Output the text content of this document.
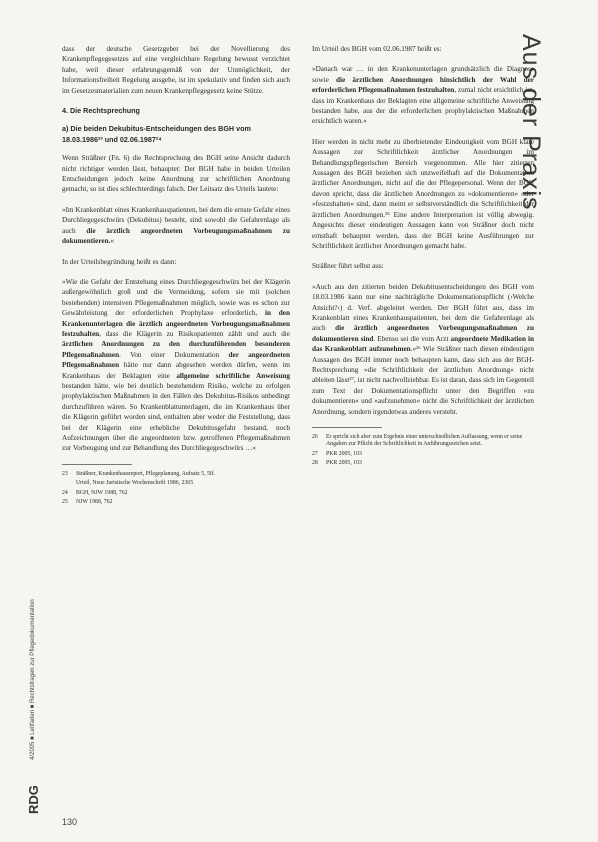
Aus der Praxis
4/2005 ■ Leitfaden ■ Rechtsfragen zur Pflegedokumentation
RDG
130

dass der deutsche Gesetzgeber bei der Novellierung des Krankenpflegegesetzes auf eine vergleichbare Regelung bewusst verzichtet habe, weil dieser erfahrungsgemäß von der Unmöglichkeit, der Informationsfreiheit Regelung ausgehe, ist im spekulativ und finden sich auch im Gesetzesmaterialien zum neuen Krankenpflegegesetz keine Stütze.

4. Die Rechtsprechung
a) Die beiden Dekubitus-Entscheidungen des BGH vom 18.03.1986²³ und 02.06.1987²⁴

Wenn Sträßner (Fn. 6) die Rechtsprechung des BGH seine Ansicht dadurch nicht richtiger werden lässt, behauptet: Der BGH habe in beiden Urteilen Entscheidungen jedoch keine Anordnung zur schriftlichen Anordnung gemacht, so ist dies schlechterdings falsch. Der Leitsatz des Urteils lautete:

»Im Krankenblatt eines Krankenhauspatienten, bei dem die ernste Gefahr eines Durchliegegeschwürs (Dekubitus) besteht, sind sowohl die Gefahrenlage als auch die ärztlich angeordneten Vorbeugungsmaßnahmen zu dokumentieren.«

In der Urteilsbegründung heißt es dann:

»Wie die Gefahr der Entstehung eines Durchliegegeschwürs bei der Klägerin außergewöhnlich groß und die Vermeidung, sofern sie mit (solchen bestehenden) intensiven Pflegemaßnahmen möglich, sowie was es schon zur Gewährleistung der erforderlichen Prophylaxe erforderlich, in den Krankenunterlagen die ärztlich angeordneten Vorbeugungsmaßnahmen festzuhalten, dass die Klägerin zu Risikopatienten zählt und auch die ärztlichen Anordnungen zu den durchzuführenden besonderen Pflegemaßnahmen. Von einer Dokumentation der angeordneten Pflegemaßnahmen hätte nur dann abgesehen werden dürfen, wenn im Krankenhaus der Beklagten eine allgemeine schriftliche Anweisung bestanden hätte, wie bei deutlich bestehendem Risiko, welche zu erfolgen prophylaktischen Maßnahmen in den Fällen des Dekubitus-Risikos unbedingt durchzuführen wären. So Krankenblattunterlagen, die im Krankenhaus über die Klägerin geführt worden sind, enthalten aber weder die Feststellung, dass bei der Klägerin eine erhebliche Dekubitusgefahr bestand, noch Aufzeichnungen über die angeordneten bzw. getroffenen Pflegemaßnahmen zur Vorbeugung und zur Behandlung des Durchliegegeschwürs …«

23	Sträßner, Krankenhausreport, Pflegeplanung, Aufsatz 5, 5ff.
Urteil, Neue Juristische Wochenschrift 1986, 2365
24	BGH, NJW 1988, 762
25	NJW 1988, 762

Im Urteil des BGH vom 02.06.1987 heißt es:

»Danach war … in den Krankenunterlagen grundsätzlich die Diagnose sowie die ärztlichen Anordnungen hinsichtlich der Wahl der erforderlichen Pflegemaßnahmen festzuhalten, zumal nicht ersichtlich ist, dass im Krankenhaus der Beklagten eine allgemeine schriftliche Anweisung bestanden habe, aus der die erforderlichen prophylaktischen Maßnahmen ersichtlich waren.«

Hier werden in nicht mehr zu überbietender Eindeutigkeit vom BGH klare Aussagen zur Schriftlichkeit ärztlicher Anordnungen im Behandlungspflegerischen Bereich vorgenommen. Alle hier zitierten Aussagen des BGH beziehen sich unzweifelhaft auf die Dokumentation ärztlicher Anordnungen, nicht auf die der Pflegepersonal. Wenn der BGH davon spricht, dass die ärztlichen Anordnungen zu »dokumentieren« oder »festzuhalten« sind, dann meint er selbstverständlich die Schriftlichkeit der ärztlichen Anordnungen.²⁵ Eine andere Interpretation ist völlig abwegig. Angesichts dieser eindeutigen Aussagen kann von Sträßner doch nicht ernsthaft behauptet werden, dass der BGH keine Ausführungen zur Schriftlichkeit ärztlicher Anordnungen gemacht habe.

Sträßner führt selbst aus:

»Auch aus den zitierten beiden Dekubitusentscheidungen des BGH vom 18.03.1986 kann nur eine nachträgliche Dokumentationspflicht (›Welche Ansicht?‹) d. Verf. abgeleitet werden. Der BGH führt aus, dass im Krankenblatt eines Krankenhauspatienten, bei dem die Gefahrenlage als auch die ärztlich angeordneten Vorbeugungsmaßnahmen zu dokumentieren sind. Ebenso sei die vom Arzt angeordnete Medikation in das Krankenblatt aufzunehmen.«²⁶ Wie Sträßner nach diesen eindeutigen Aussagen des BGH immer noch behaupten kann, dass sich aus der BGH-Rechtsprechung »die Schriftlichkeit der ärztlichen Anordnung« nicht ableiten lässt²⁷, ist nicht nachvollziehbar. Es ist daran, dass sich im Gegenteil zum Text der Dokumentationspflicht unter den Begriffen »zu dokumentieren« und »aufzunehmen« nicht die Schriftlichkeit der ärztlichen Anordnung, sondern irgendetwas anderes versteht.

26	Er spricht sich aber zum Ergebnis einer unterschiedlichen Auffassung, wenn er seine Angaben zur Pflicht der Schriftlichkeit in Anführungszeichen setzt.
27	PKR 2005, 103
28	PKR 2005, 103
